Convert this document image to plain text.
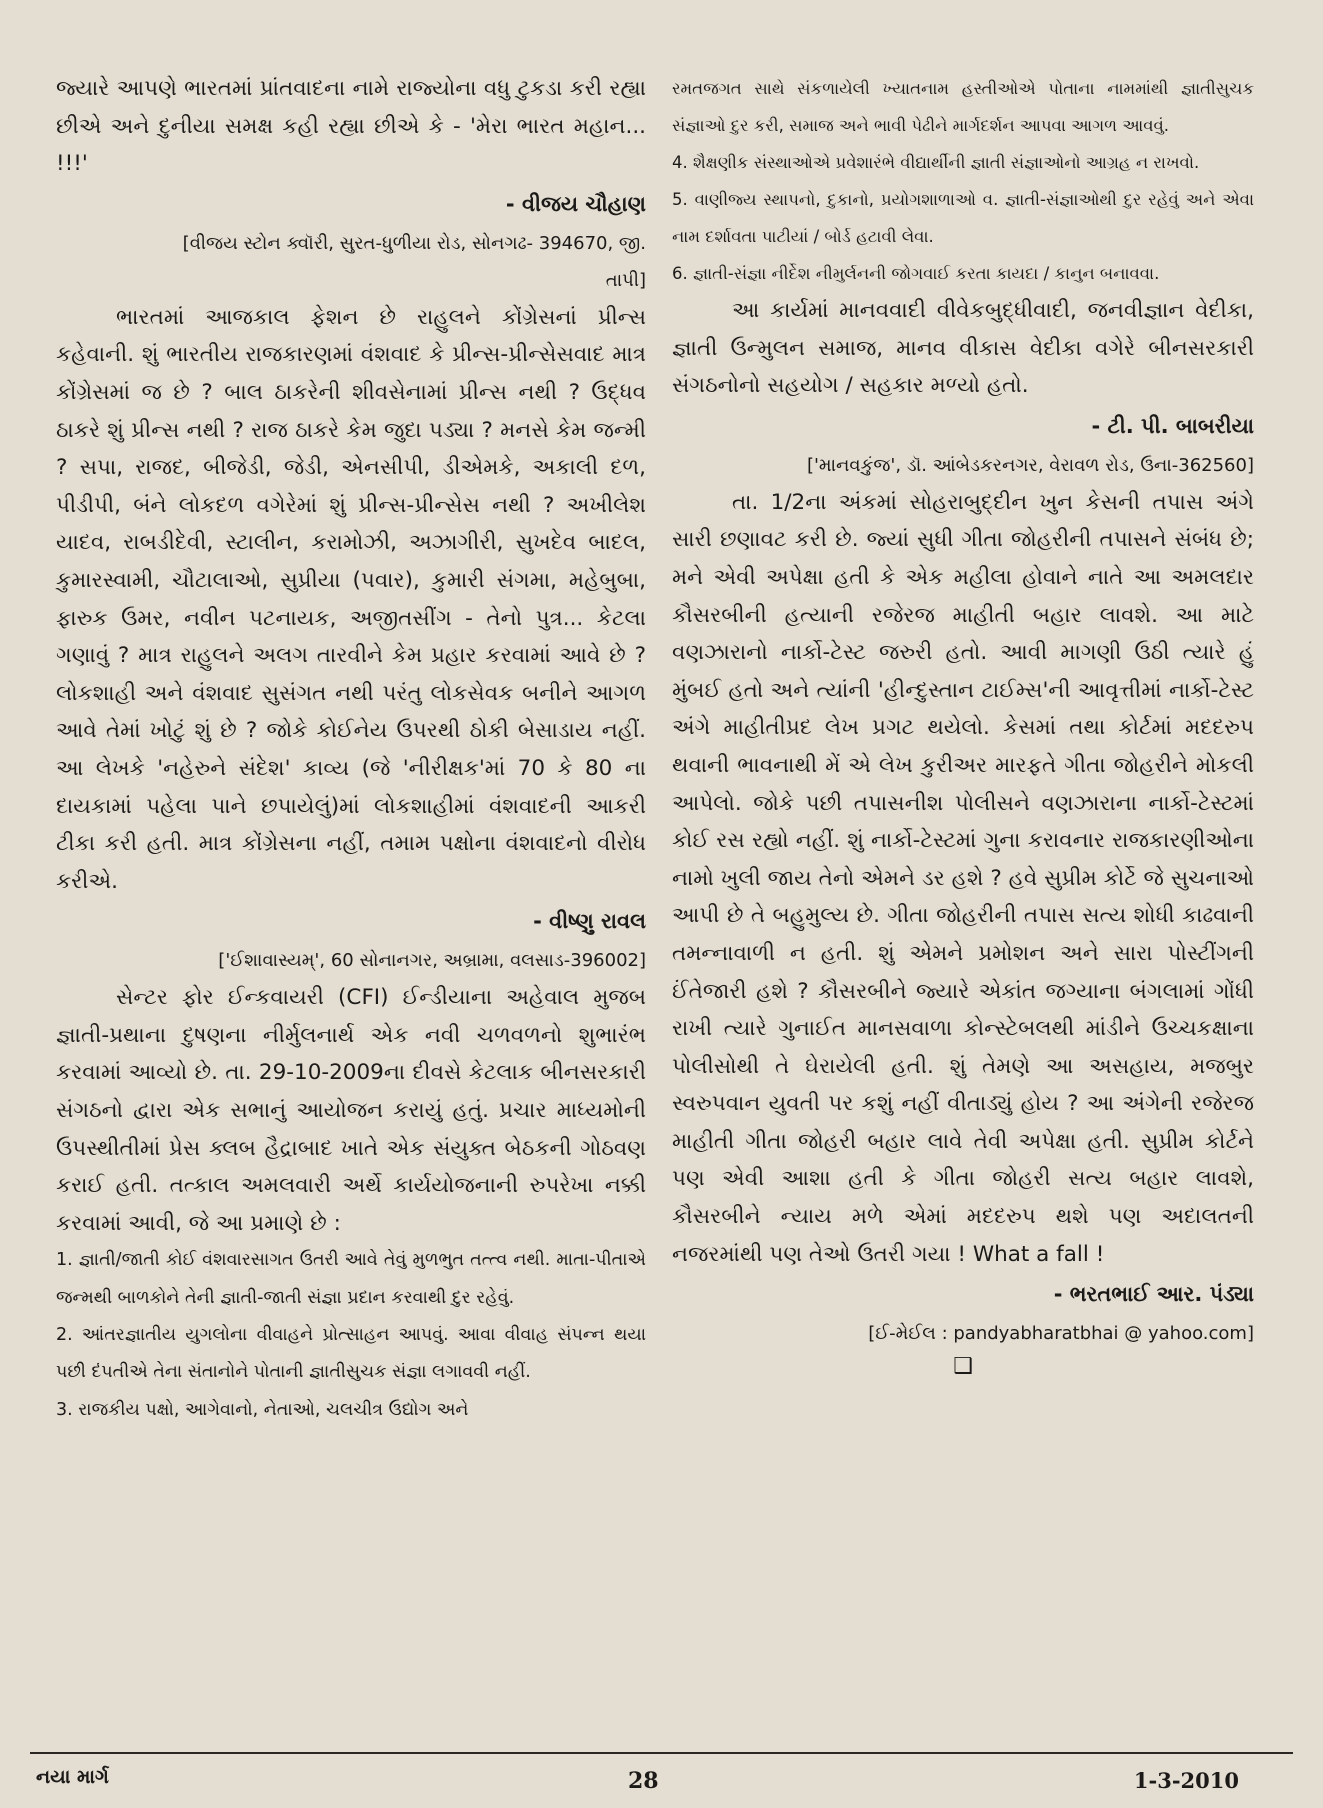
જ્યારે આપણે ભારતમાં પ્રાંતવાદના નામે રાજ્યોના વધુ ટુકડા કરી રહ્યા છીએ અને દુનીયા સમક્ષ કહી રહ્યા છીએ કે - 'મેરા ભારત મહાન... !!!'

- વીજય ચૌહાણ

[વીજય સ્ટોન ક્વૉરી, સુરત-ધુળીયા રોડ, સોનગઢ- 394670, જી. તાપી]

ભારતમાં આજકાલ ફેશન છે રાહુલને કોંગ્રેસનાં પ્રીન્સ કહેવાની. શું ભારતીય રાજકારણમાં વંશવાદ કે પ્રીન્સ-પ્રીન્સેસવાદ માત્ર કોંગ્રેસમાં જ છે ? બાલ ઠાકરેની શીવસેનામાં પ્રીન્સ નથી ? ઉદ્ધવ ઠાકરે શું પ્રીન્સ નથી ? રાજ ઠાકરે કેમ જુદા પડ્યા ? મનસે કેમ જન્મી ? સપા, રાજદ, બીજેડી, જેડી, એનસીપી, ડીએમકે, અકાલી દળ, પીડીપી, બંને લોકદળ વગેરેમાં શું પ્રીન્સ-પ્રીન્સેસ નથી ? અખીલેશ યાદવ, રાબડીદેવી, સ્ટાલીન, કરામોઝી, અઝાગીરી, સુખદેવ બાદલ, કુમારસ્વામી, ચૌટાલાઓ, સુપ્રીયા (પવાર), કુમારી સંગમા, મહેબુબા, ફારુક ઉમર, નવીન પટનાયક, અજીતસીંગ - તેનો પુત્ર... કેટલા ગણાવું ? માત્ર રાહુલને અલગ તારવીને કેમ પ્રહાર કરવામાં આવે છે ? લોકશાહી અને વંશવાદ સુસંગત નથી પરંતુ લોકસેવક બનીને આગળ આવે તેમાં ખોટું શું છે ? જોકે કોઈનેય ઉપરથી ઠોકી બેસાડાય નહીં. આ લેખકે 'નહેરુને સંદેશ' કાવ્ય (જે 'નીરીક્ષક'માં 70 કે 80 ના દાયકામાં પહેલા પાને છપાયેલું)માં લોકશાહીમાં વંશવાદની આકરી ટીકા કરી હતી. માત્ર કોંગ્રેસના નહીં, તમામ પક્ષોના વંશવાદનો વીરોધ કરીએ.

- વીષ્ણુ રાવલ

['ઈશાવાસ્યમ્', 60 સોનાનગર, અબ્રામા, વલસાડ-396002]

સેન્ટર ફોર ઈન્કવાયરી (CFI) ઈન્ડીયાના અહેવાલ મુજબ જ્ઞાતી-પ્રથાના દુષણના નીર્મુલનાર્થ એક નવી ચળવળનો શુભારંભ કરવામાં આવ્યો છે. તા. 29-10-2009ના દીવસે કેટલાક બીનસરકારી સંગઠનો દ્વારા એક સભાનું આયોજન કરાયું હતું. પ્રચાર માધ્યમોની ઉપસ્થીતીમાં પ્રેસ ક્લબ હૈદ્રાબાદ ખાતે એક સંયુક્ત બેઠકની ગોઠવણ કરાઈ હતી. તત્કાલ અમલવારી અર્થે કાર્યયોજનાની રુપરેખા નક્કી કરવામાં આવી, જે આ પ્રમાણે છે :

1. જ્ઞાતી/જાતી કોઈ વંશવારસાગત ઉતરી આવે તેવું મુળભુત તત્ત્વ નથી. માતા-પીતાએ જન્મથી બાળકોને તેની જ્ઞાતી-જાતી સંજ્ઞા પ્રદાન કરવાથી દુર રહેવું.

2. આંતરજ્ઞાતીય યુગલોના વીવાહને પ્રોત્સાહન આપવું. આવા વીવાહ સંપન્ન થયા પછી દંપતીએ તેના સંતાનોને પોતાની જ્ઞાતીસુચક સંજ્ઞા લગાવવી નહીં.

3. રાજકીય પક્ષો, આગેવાનો, નેતાઓ, ચલચીત્ર ઉદ્યોગ અને

રમતજગત સાથે સંકળાયેલી ખ્યાતનામ હસ્તીઓએ પોતાના નામમાંથી જ્ઞાતીસુચક સંજ્ઞાઓ દુર કરી, સમાજ અને ભાવી પેઢીને માર્ગદર્શન આપવા આગળ આવવું.

4. શૈક્ષણીક સંસ્થાઓએ પ્રવેશારંભે વીદ્યાર્થીની જ્ઞાતી સંજ્ઞાઓનો આગ્રહ ન રાખવો.

5. વાણીજ્ય સ્થાપનો, દુકાનો, પ્રયોગશાળાઓ વ. જ્ઞાતી-સંજ્ઞાઓથી દુર રહેવું અને એવા નામ દર્શાવતા પાટીયાં / બોર્ડ હટાવી લેવા.

6. જ્ઞાતી-સંજ્ઞા નીર્દેશ નીમુર્લનની જોગવાઈ કરતા કાયદા / કાનુન બનાવવા.

આ કાર્યમાં માનવવાદી વીવેકબુદ્ધીવાદી, જનવીજ્ઞાન વેદીકા, જ્ઞાતી ઉન્મુલન સમાજ, માનવ વીકાસ વેદીકા વગેરે બીનસરકારી સંગઠનોનો સહયોગ / સહકાર મળ્યો હતો.

- ટી. પી. બાબરીયા

['માનવકુંજ', ડૉ. આંબેડકરનગર, વેરાવળ રોડ, ઉના-362560]

તા. 1/2ના અંકમાં સોહરાબુદ્દીન ખુન કેસની તપાસ અંગે સારી છણાવટ કરી છે. જ્યાં સુધી ગીતા જોહરીની તપાસને સંબંધ છે; મને એવી અપેક્ષા હતી કે એક મહીલા હોવાને નાતે આ અમલદાર કૌસરબીની હત્યાની રજેરજ માહીતી બહાર લાવશે. આ માટે વણઝારાનો નાર્કો-ટેસ્ટ જરુરી હતો. આવી માગણી ઉઠી ત્યારે હું મુંબઈ હતો અને ત્યાંની 'હીન્દુસ્તાન ટાઈમ્સ'ની આવૃત્તીમાં નાર્કો-ટેસ્ટ અંગે માહીતીપ્રદ લેખ પ્રગટ થયેલો. કેસમાં તથા કોર્ટમાં મદદરુપ થવાની ભાવનાથી મેં એ લેખ કુરીઅર મારફતે ગીતા જોહરીને મોકલી આપેલો. જોકે પછી તપાસનીશ પોલીસને વણઝારાના નાર્કો-ટેસ્ટમાં કોઈ રસ રહ્યો નહીં. શું નાર્કો-ટેસ્ટમાં ગુના કરાવનાર રાજકારણીઓના નામો ખુલી જાય તેનો એમને ડર હશે ? હવે સુપ્રીમ કોર્ટે જે સુચનાઓ આપી છે તે બહુમુલ્ય છે. ગીતા જોહરીની તપાસ સત્ય શોધી કાઢવાની તમન્નાવાળી ન હતી. શું એમને પ્રમોશન અને સારા પોસ્ટીંગની ઈંતેજારી હશે ? કૌસરબીને જ્યારે એકાંત જગ્યાના બંગલામાં ગોંધી રાખી ત્યારે ગુનાઈત માનસવાળા કોન્સ્ટેબલથી માંડીને ઉચ્ચકક્ષાના પોલીસોથી તે ઘેરાયેલી હતી. શું તેમણે આ અસહાય, મજબુર સ્વરુપવાન યુવતી પર કશું નહીં વીતાડ્યું હોય ? આ અંગેની રજેરજ માહીતી ગીતા જોહરી બહાર લાવે તેવી અપેક્ષા હતી. સુપ્રીમ કોર્ટને પણ એવી આશા હતી કે ગીતા જોહરી સત્ય બહાર લાવશે, કૌસરબીને ન્યાય મળે એમાં મદદરુપ થશે પણ અદાલતની નજરમાંથી પણ તેઓ ઉતરી ગયા ! What a fall !

- ભરતભાઈ આર. પંડ્યા

[ઈ-મેઈલ : pandyabharatbhai @ yahoo.com]

❑

નયા માર્ગ	28	1-3-2010
